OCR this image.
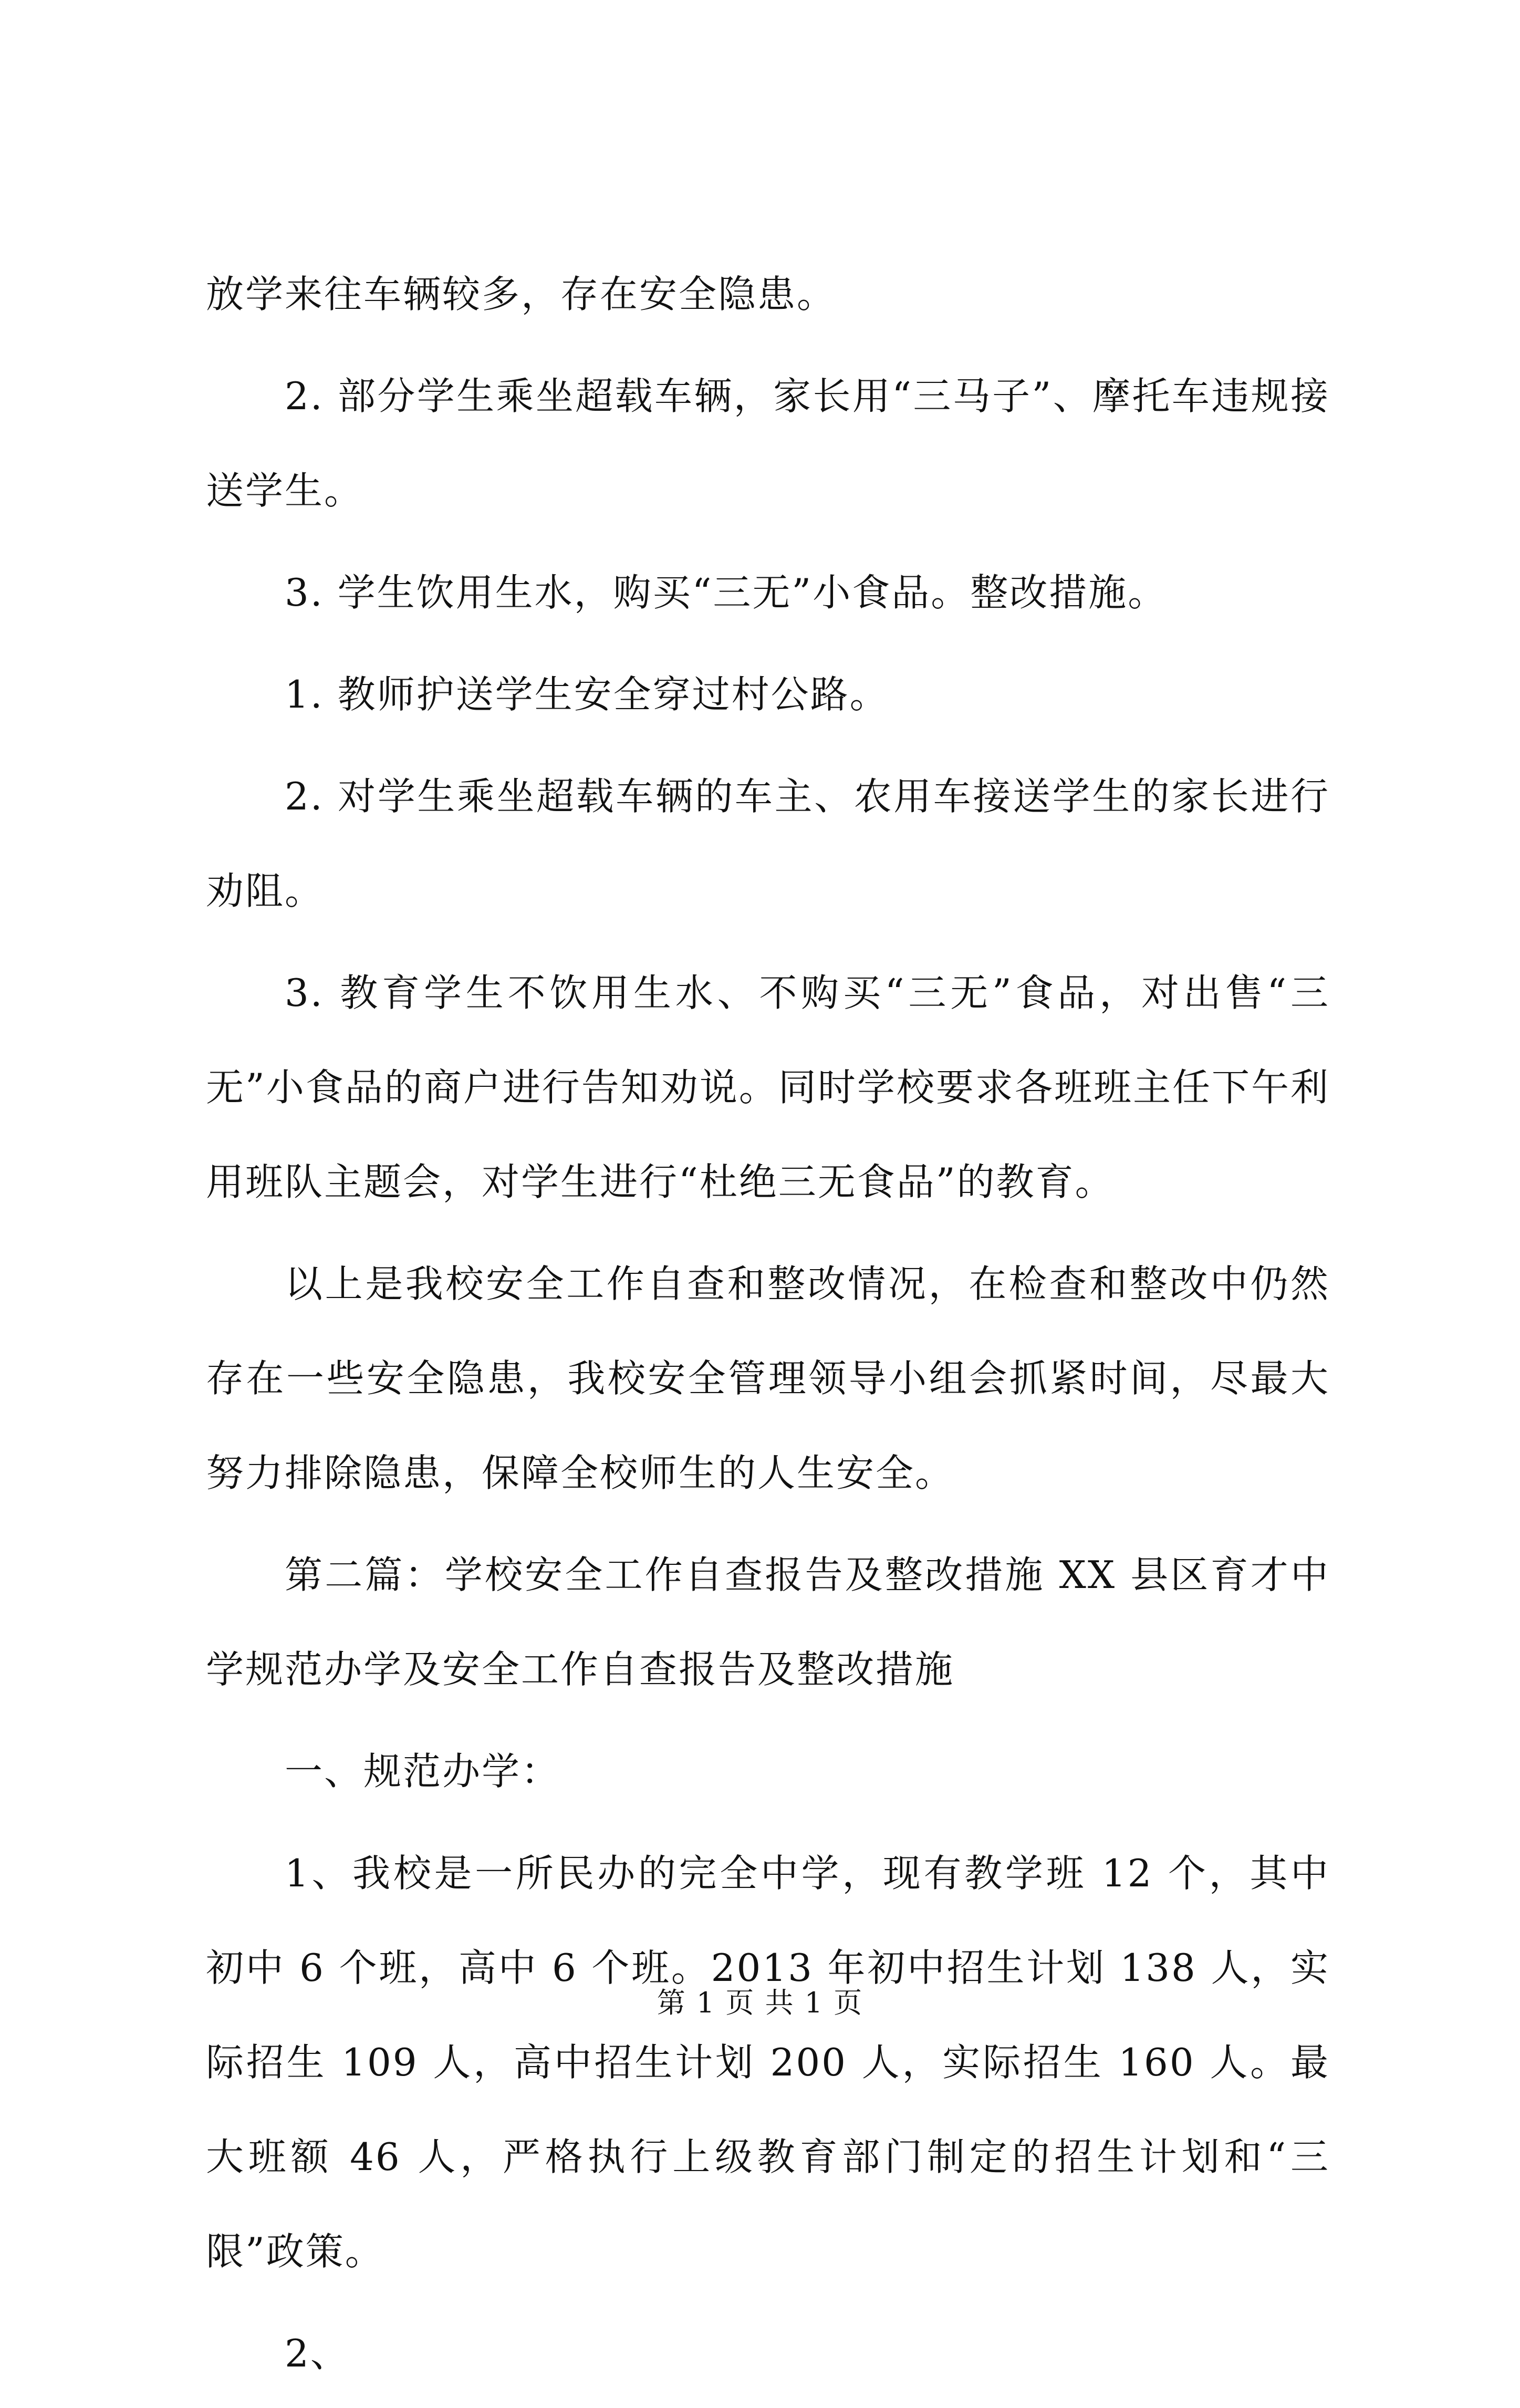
放学来往车辆较多，存在安全隐患。

2. 部分学生乘坐超载车辆，家长用“三马子”、摩托车违规接送学生。

3. 学生饮用生水，购买“三无”小食品。整改措施。

1. 教师护送学生安全穿过村公路。

2. 对学生乘坐超载车辆的车主、农用车接送学生的家长进行劝阻。

3. 教育学生不饮用生水、不购买“三无”食品，对出售“三无”小食品的商户进行告知劝说。同时学校要求各班班主任下午利用班队主题会，对学生进行“杜绝三无食品”的教育。

以上是我校安全工作自查和整改情况，在检查和整改中仍然存在一些安全隐患，我校安全管理领导小组会抓紧时间，尽最大努力排除隐患，保障全校师生的人生安全。

第二篇：学校安全工作自查报告及整改措施 XX 县区育才中学规范办学及安全工作自查报告及整改措施

一、规范办学：

1、我校是一所民办的完全中学，现有教学班 12 个，其中初中 6 个班，高中 6 个班。2013 年初中招生计划 138 人，实际招生 109 人，高中招生计划 200 人，实际招生 160 人。最大班额 46 人，严格执行上级教育部门制定的招生计划和“三限”政策。

2、

第 1 页 共 1 页
